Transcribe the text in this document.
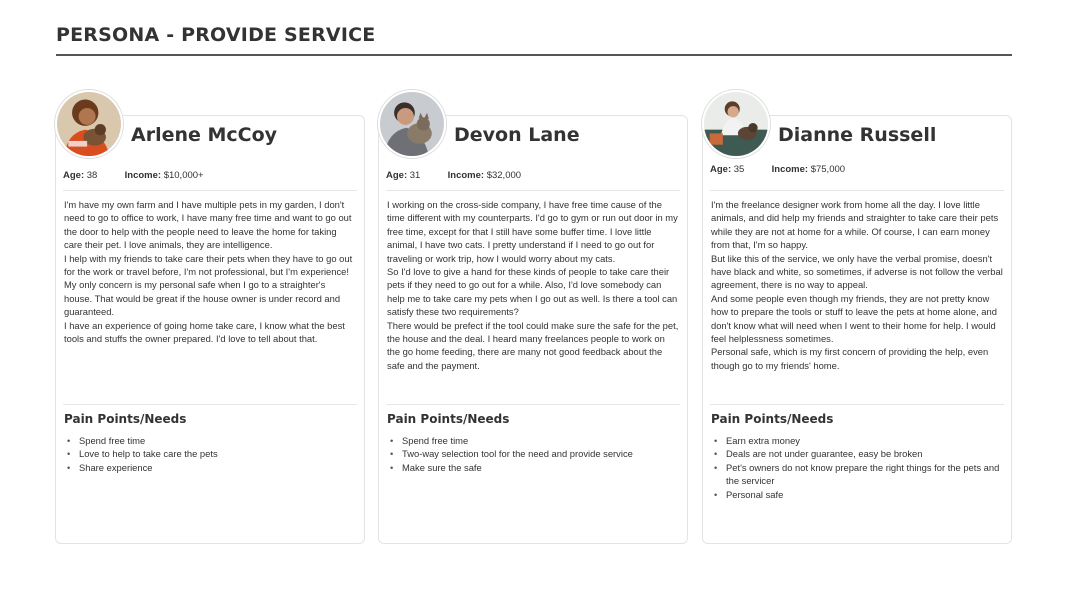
PERSONA - PROVIDE SERVICE
Arlene McCoy
Age: 38	Income: $10,000+

I'm have my own farm and I have multiple pets in my garden, I don't need to go to office to work, I have many free time and want to go out the door to help with the people need to leave the home for taking care their pet. I love animals, they are intelligence.

I help with my friends to take care their pets when they have to go out for the work or travel before, I'm not professional, but I'm experience!

My only concern is my personal safe when I go to a straighter's house. That would be great if the house owner is under record and guaranteed.

I have an experience of going home take care, I know what the best tools and stuffs the owner prepared. I'd love to tell about that.

Pain Points/Needs
• Spend free time
• Love to help to take care the pets
• Share experience
Devon Lane
Age: 31	Income: $32,000

I working on the cross-side company, I have free time cause of the time different with my counterparts. I'd go to gym or run out door in my free time, except for that I still have some buffer time. I love little animal, I have two cats. I pretty understand if I need to go out for traveling or work trip, how I would worry about my cats.

So I'd love to give a hand for these kinds of people to take care their pets if they need to go out for a while. Also, I'd love somebody can help me to take care my pets when I go out as well. Is there a tool can satisfy these two requirements?

There would be prefect if the tool could make sure the safe for the pet, the house and the deal. I heard many freelances people to work on the go home feeding, there are many not good feedback about the safe and the payment.

Pain Points/Needs
• Spend free time
• Two-way selection tool for the need and provide service
• Make sure the safe
Dianne Russell
Age: 35	Income: $75,000

I'm the freelance designer work from home all the day. I love little animals, and did help my friends and straighter to take care their pets while they are not at home for a while. Of course, I can earn money from that, I'm so happy.

But like this of the service, we only have the verbal promise, doesn't have black and white, so sometimes, if adverse is not follow the verbal agreement, there is no way to appeal.

And some people even though my friends, they are not pretty know how to prepare the tools or stuff to leave the pets at home alone, and don't know what will need when I went to their home for help. I would feel helplessness sometimes.

Personal safe, which is my first concern of providing the help, even though go to my friends' home.

Pain Points/Needs
• Earn extra money
• Deals are not under guarantee, easy be broken
• Pet's owners do not know prepare the right things for the pets and the servicer
• Personal safe
